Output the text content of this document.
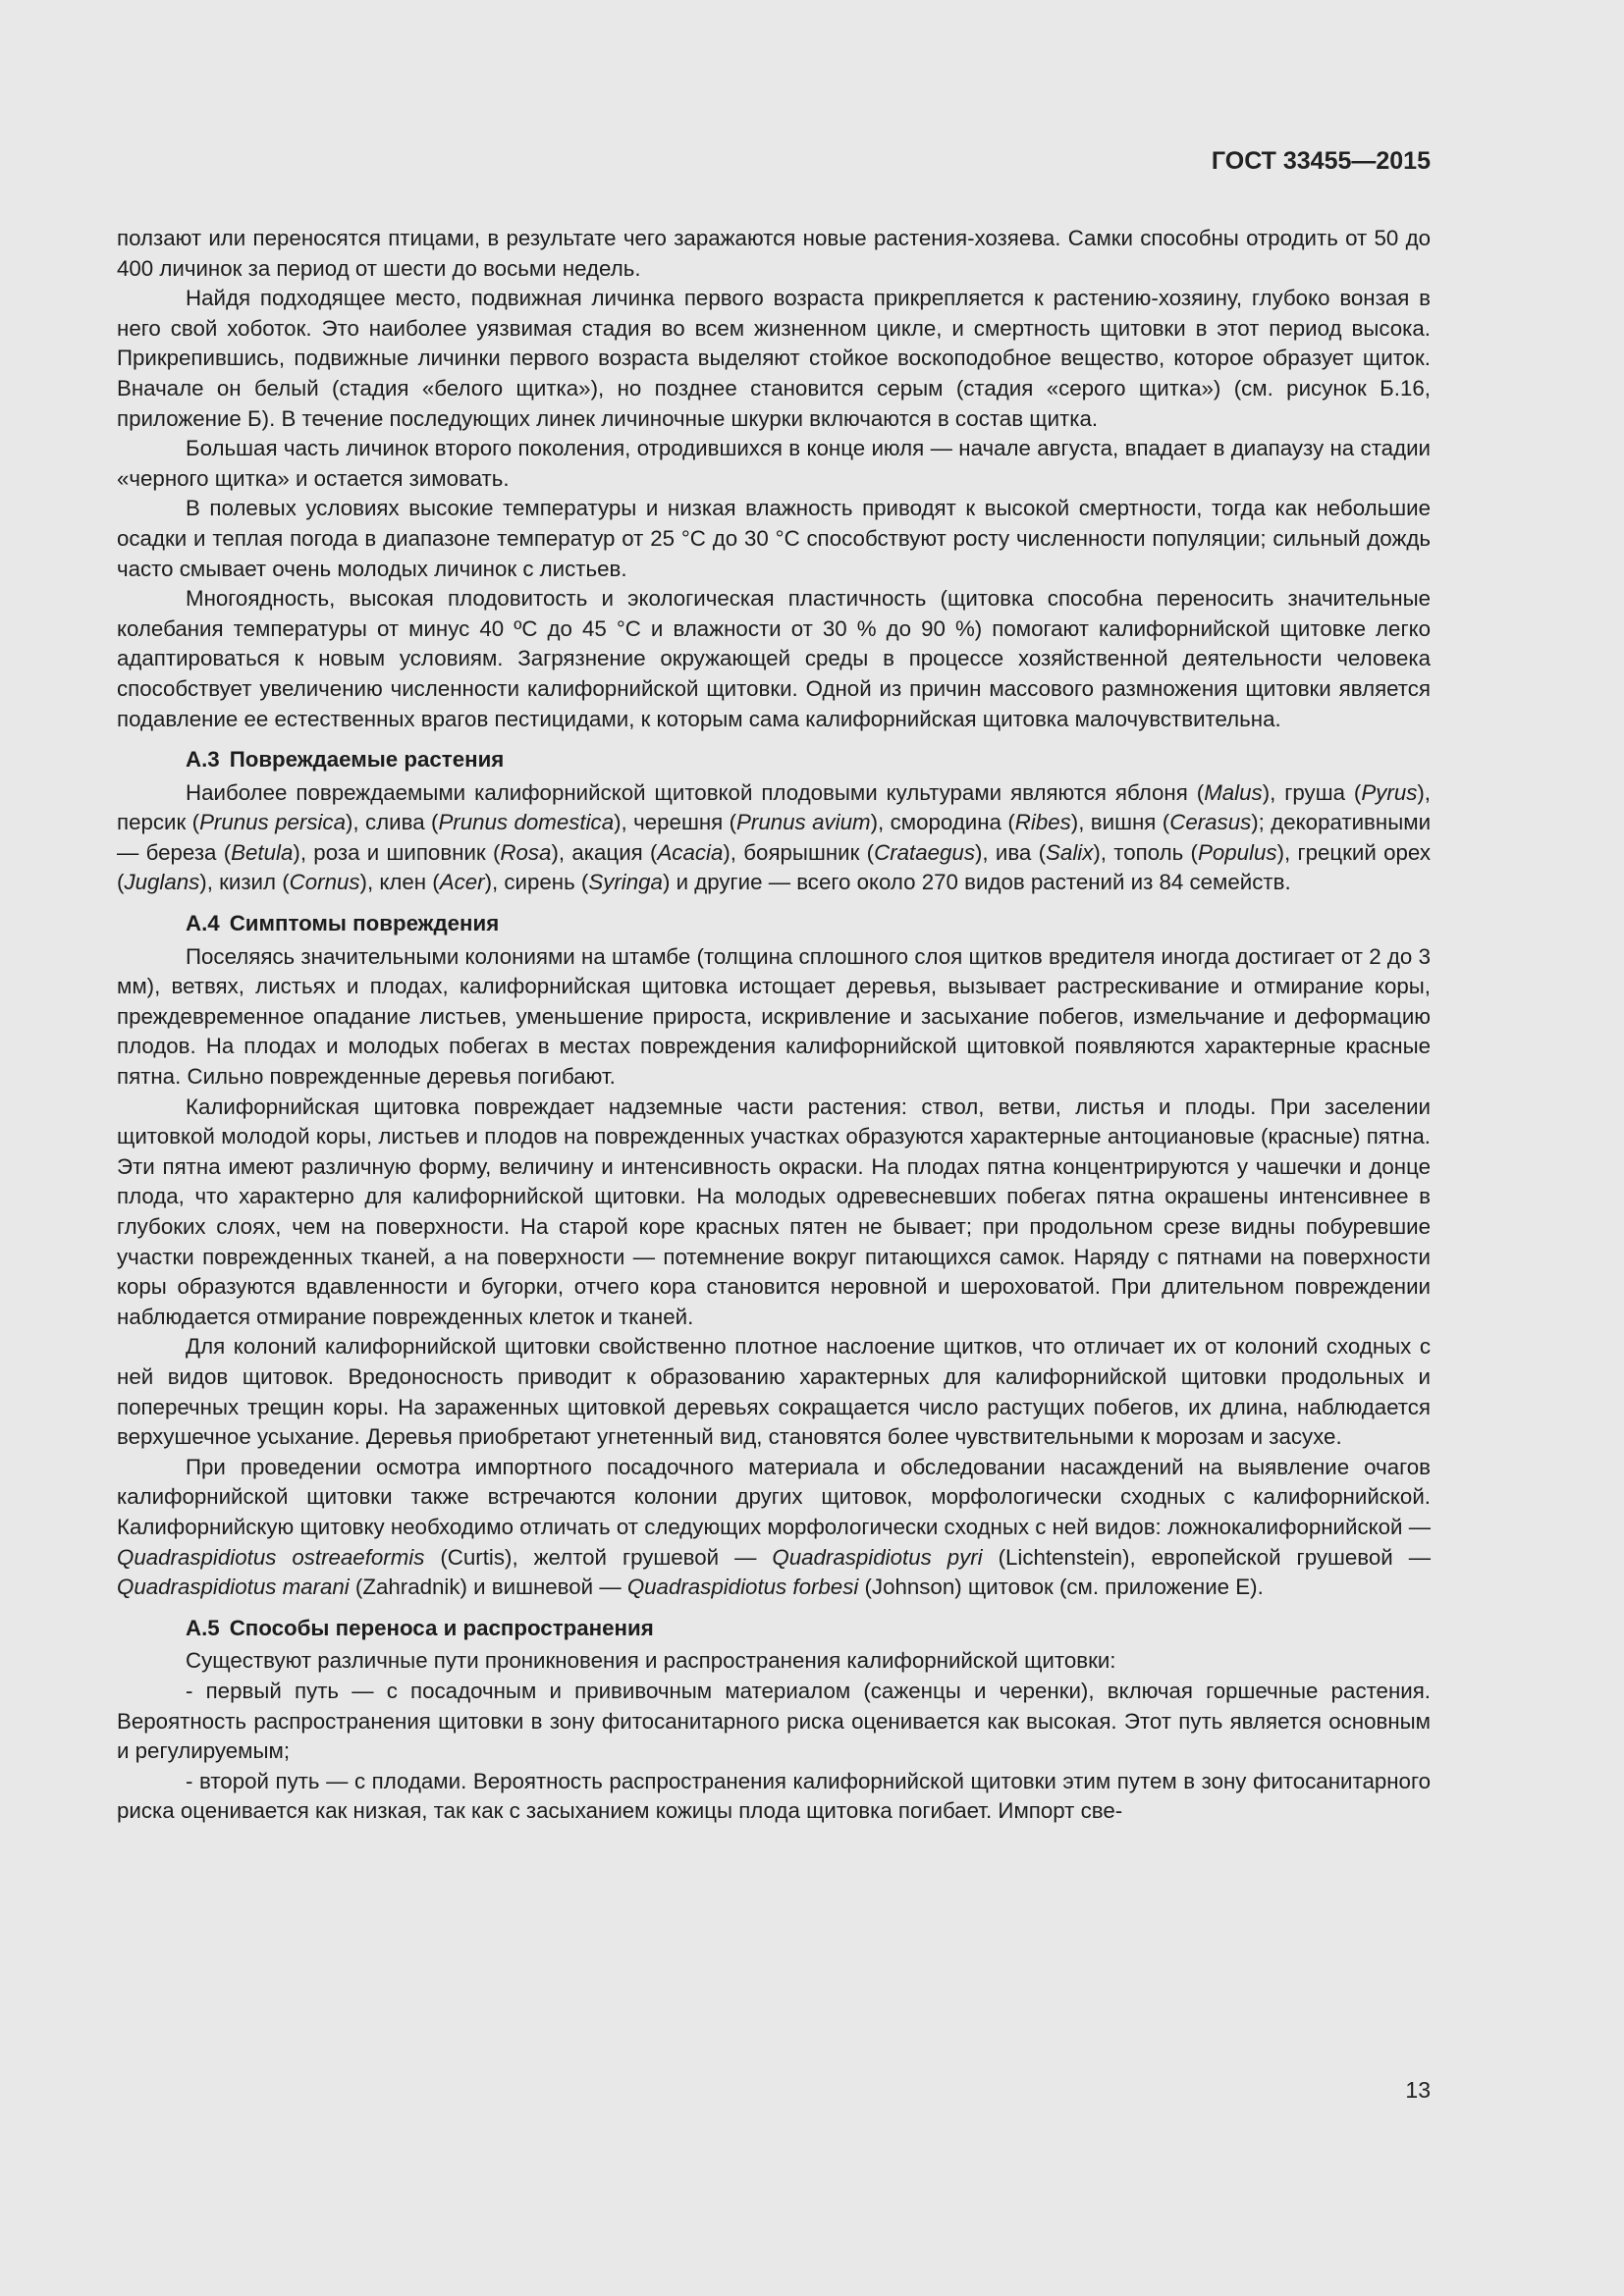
ГОСТ 33455—2015

ползают или переносятся птицами, в результате чего заражаются новые растения-хозяева. Самки способны отродить от 50 до 400 личинок за период от шести до восьми недель.

Найдя подходящее место, подвижная личинка первого возраста прикрепляется к растению-хозяину, глубоко вонзая в него свой хоботок. Это наиболее уязвимая стадия во всем жизненном цикле, и смертность щитовки в этот период высока. Прикрепившись, подвижные личинки первого возраста выделяют стойкое воскоподобное вещество, которое образует щиток. Вначале он белый (стадия «белого щитка»), но позднее становится серым (стадия «серого щитка») (см. рисунок Б.16, приложение Б). В течение последующих линек личиночные шкурки включаются в состав щитка.

Большая часть личинок второго поколения, отродившихся в конце июля — начале августа, впадает в диапаузу на стадии «черного щитка» и остается зимовать.

В полевых условиях высокие температуры и низкая влажность приводят к высокой смертности, тогда как небольшие осадки и теплая погода в диапазоне температур от 25 °С до 30 °С способствуют росту численности популяции; сильный дождь часто смывает очень молодых личинок с листьев.

Многоядность, высокая плодовитость и экологическая пластичность (щитовка способна переносить значительные колебания температуры от минус 40 ºС до 45 °С и влажности от 30 % до 90 %) помогают калифорнийской щитовке легко адаптироваться к новым условиям. Загрязнение окружающей среды в процессе хозяйственной деятельности человека способствует увеличению численности калифорнийской щитовки. Одной из причин массового размножения щитовки является подавление ее естественных врагов пестицидами, к которым сама калифорнийская щитовка малочувствительна.

А.3 Повреждаемые растения

Наиболее повреждаемыми калифорнийской щитовкой плодовыми культурами являются яблоня (Malus), груша (Pyrus), персик (Prunus persica), слива (Prunus domestica), черешня (Prunus avium), смородина (Ribes), вишня (Cerasus); декоративными — береза (Betula), роза и шиповник (Rosa), акация (Acacia), боярышник (Crataegus), ива (Salix), тополь (Populus), грецкий орех (Juglans), кизил (Cornus), клен (Acer), сирень (Syringa) и другие — всего около 270 видов растений из 84 семейств.

А.4 Симптомы повреждения

Поселяясь значительными колониями на штамбе (толщина сплошного слоя щитков вредителя иногда достигает от 2 до 3 мм), ветвях, листьях и плодах, калифорнийская щитовка истощает деревья, вызывает растрескивание и отмирание коры, преждевременное опадание листьев, уменьшение прироста, искривление и засыхание побегов, измельчание и деформацию плодов. На плодах и молодых побегах в местах повреждения калифорнийской щитовкой появляются характерные красные пятна. Сильно поврежденные деревья погибают.

Калифорнийская щитовка повреждает надземные части растения: ствол, ветви, листья и плоды. При заселении щитовкой молодой коры, листьев и плодов на поврежденных участках образуются характерные антоциановые (красные) пятна. Эти пятна имеют различную форму, величину и интенсивность окраски. На плодах пятна концентрируются у чашечки и донце плода, что характерно для калифорнийской щитовки. На молодых одревесневших побегах пятна окрашены интенсивнее в глубоких слоях, чем на поверхности. На старой коре красных пятен не бывает; при продольном срезе видны побуревшие участки поврежденных тканей, а на поверхности — потемнение вокруг питающихся самок. Наряду с пятнами на поверхности коры образуются вдавленности и бугорки, отчего кора становится неровной и шероховатой. При длительном повреждении наблюдается отмирание поврежденных клеток и тканей.

Для колоний калифорнийской щитовки свойственно плотное наслоение щитков, что отличает их от колоний сходных с ней видов щитовок. Вредоносность приводит к образованию характерных для калифорнийской щитовки продольных и поперечных трещин коры. На зараженных щитовкой деревьях сокращается число растущих побегов, их длина, наблюдается верхушечное усыхание. Деревья приобретают угнетенный вид, становятся более чувствительными к морозам и засухе.

При проведении осмотра импортного посадочного материала и обследовании насаждений на выявление очагов калифорнийской щитовки также встречаются колонии других щитовок, морфологически сходных с калифорнийской. Калифорнийскую щитовку необходимо отличать от следующих морфологически сходных с ней видов: ложнокалифорнийской — Quadraspidiotus ostreaeformis (Curtis), желтой грушевой — Quadraspidiotus pyri (Lichtenstein), европейской грушевой — Quadraspidiotus marani (Zahradnik) и вишневой — Quadraspidiotus forbesi (Johnson) щитовок (см. приложение Е).

А.5 Способы переноса и распространения

Существуют различные пути проникновения и распространения калифорнийской щитовки:

- первый путь — с посадочным и прививочным материалом (саженцы и черенки), включая горшечные растения. Вероятность распространения щитовки в зону фитосанитарного риска оценивается как высокая. Этот путь является основным и регулируемым;

- второй путь — с плодами. Вероятность распространения калифорнийской щитовки этим путем в зону фитосанитарного риска оценивается как низкая, так как с засыханием кожицы плода щитовка погибает. Импорт све-

13
